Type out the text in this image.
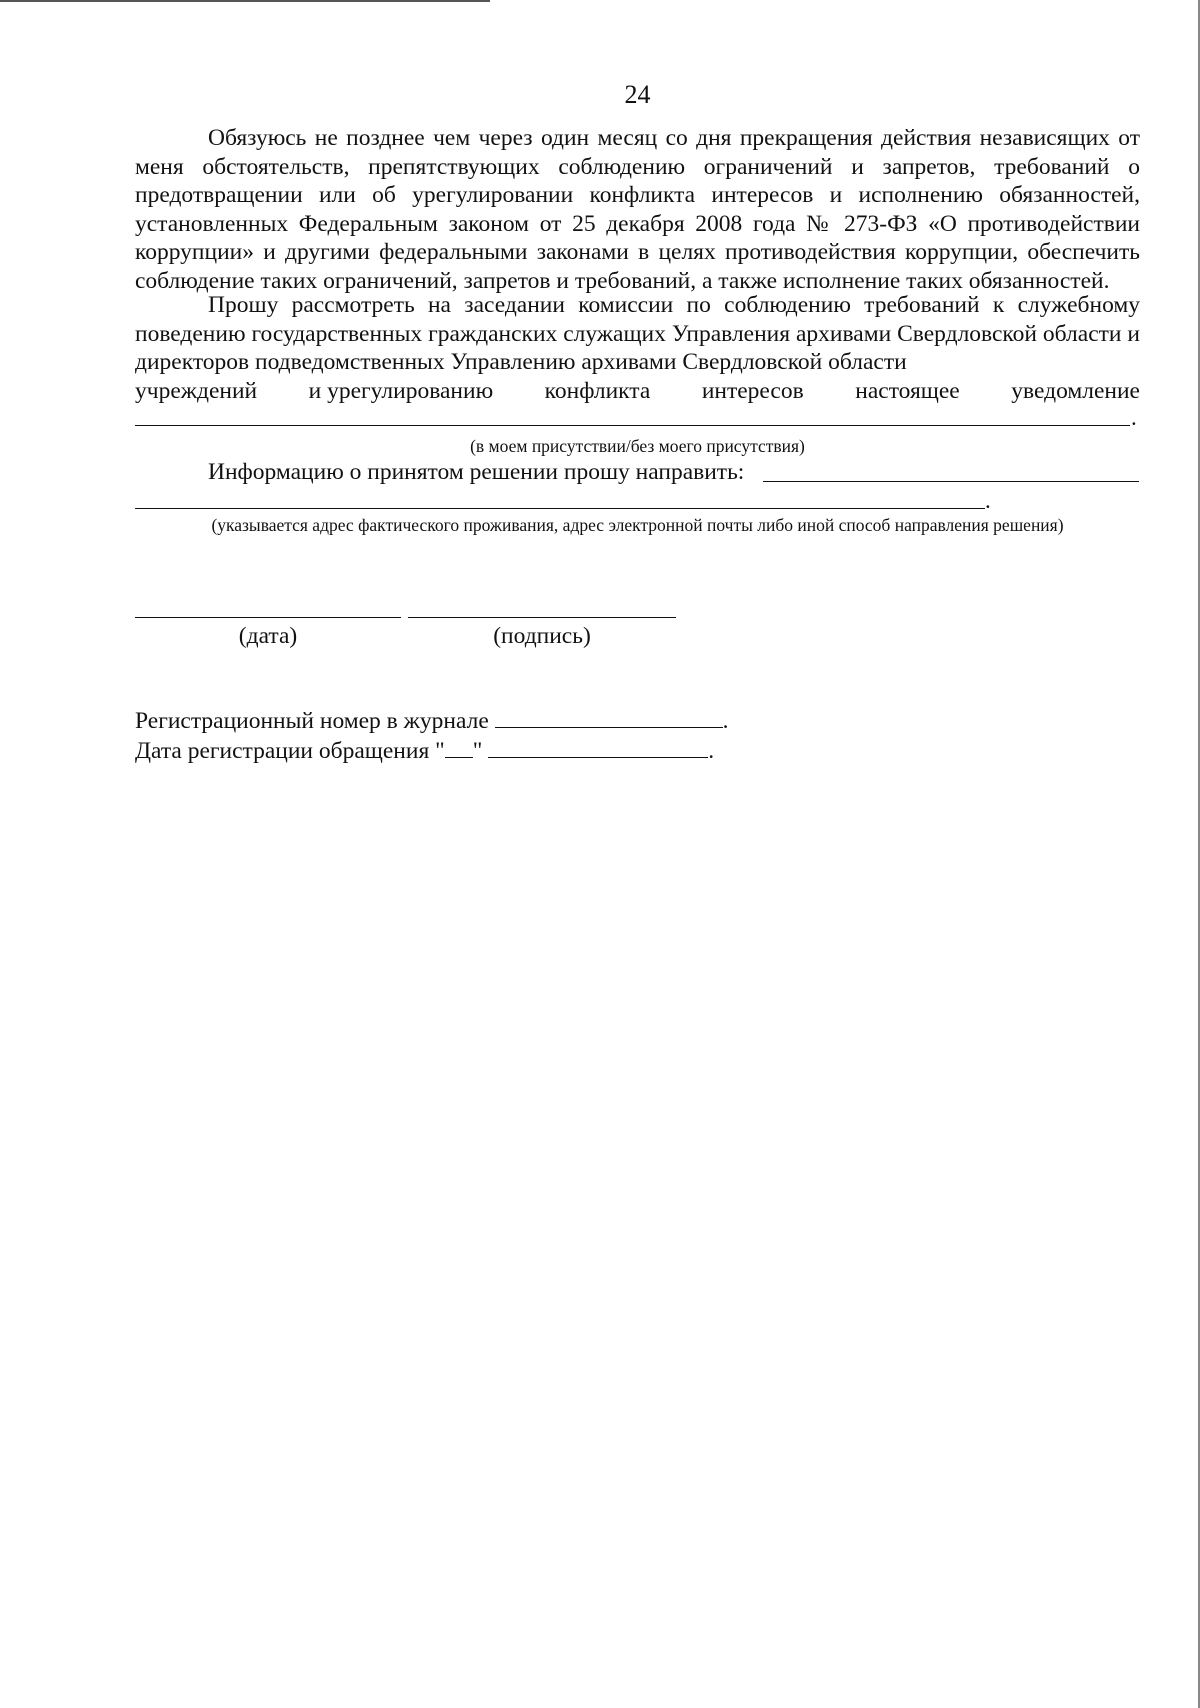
24

Обязуюсь не позднее чем через один месяц со дня прекращения действия независящих от меня обстоятельств, препятствующих соблюдению ограничений и запретов, требований о предотвращении или об урегулировании конфликта интересов и исполнению обязанностей, установленных Федеральным законом от 25 декабря 2008 года № 273-ФЗ «О противодействии коррупции» и другими федеральными законами в целях противодействия коррупции, обеспечить соблюдение таких ограничений, запретов и требований, а также исполнение таких обязанностей.

Прошу рассмотреть на заседании комиссии по соблюдению требований к служебному поведению государственных гражданских служащих Управления архивами Свердловской области и директоров подведомственных Управлению архивами Свердловской области
учреждений и урегулированию конфликта интересов настоящее уведомление
.
(в моем присутствии/без моего присутствия)
Информацию о принятом решении прошу направить:
.
(указывается адрес фактического проживания, адрес электронной почты либо иной способ направления решения)
(дата)	(подпись)
Регистрационный номер в журнале	.
Дата регистрации обращения " "	.
